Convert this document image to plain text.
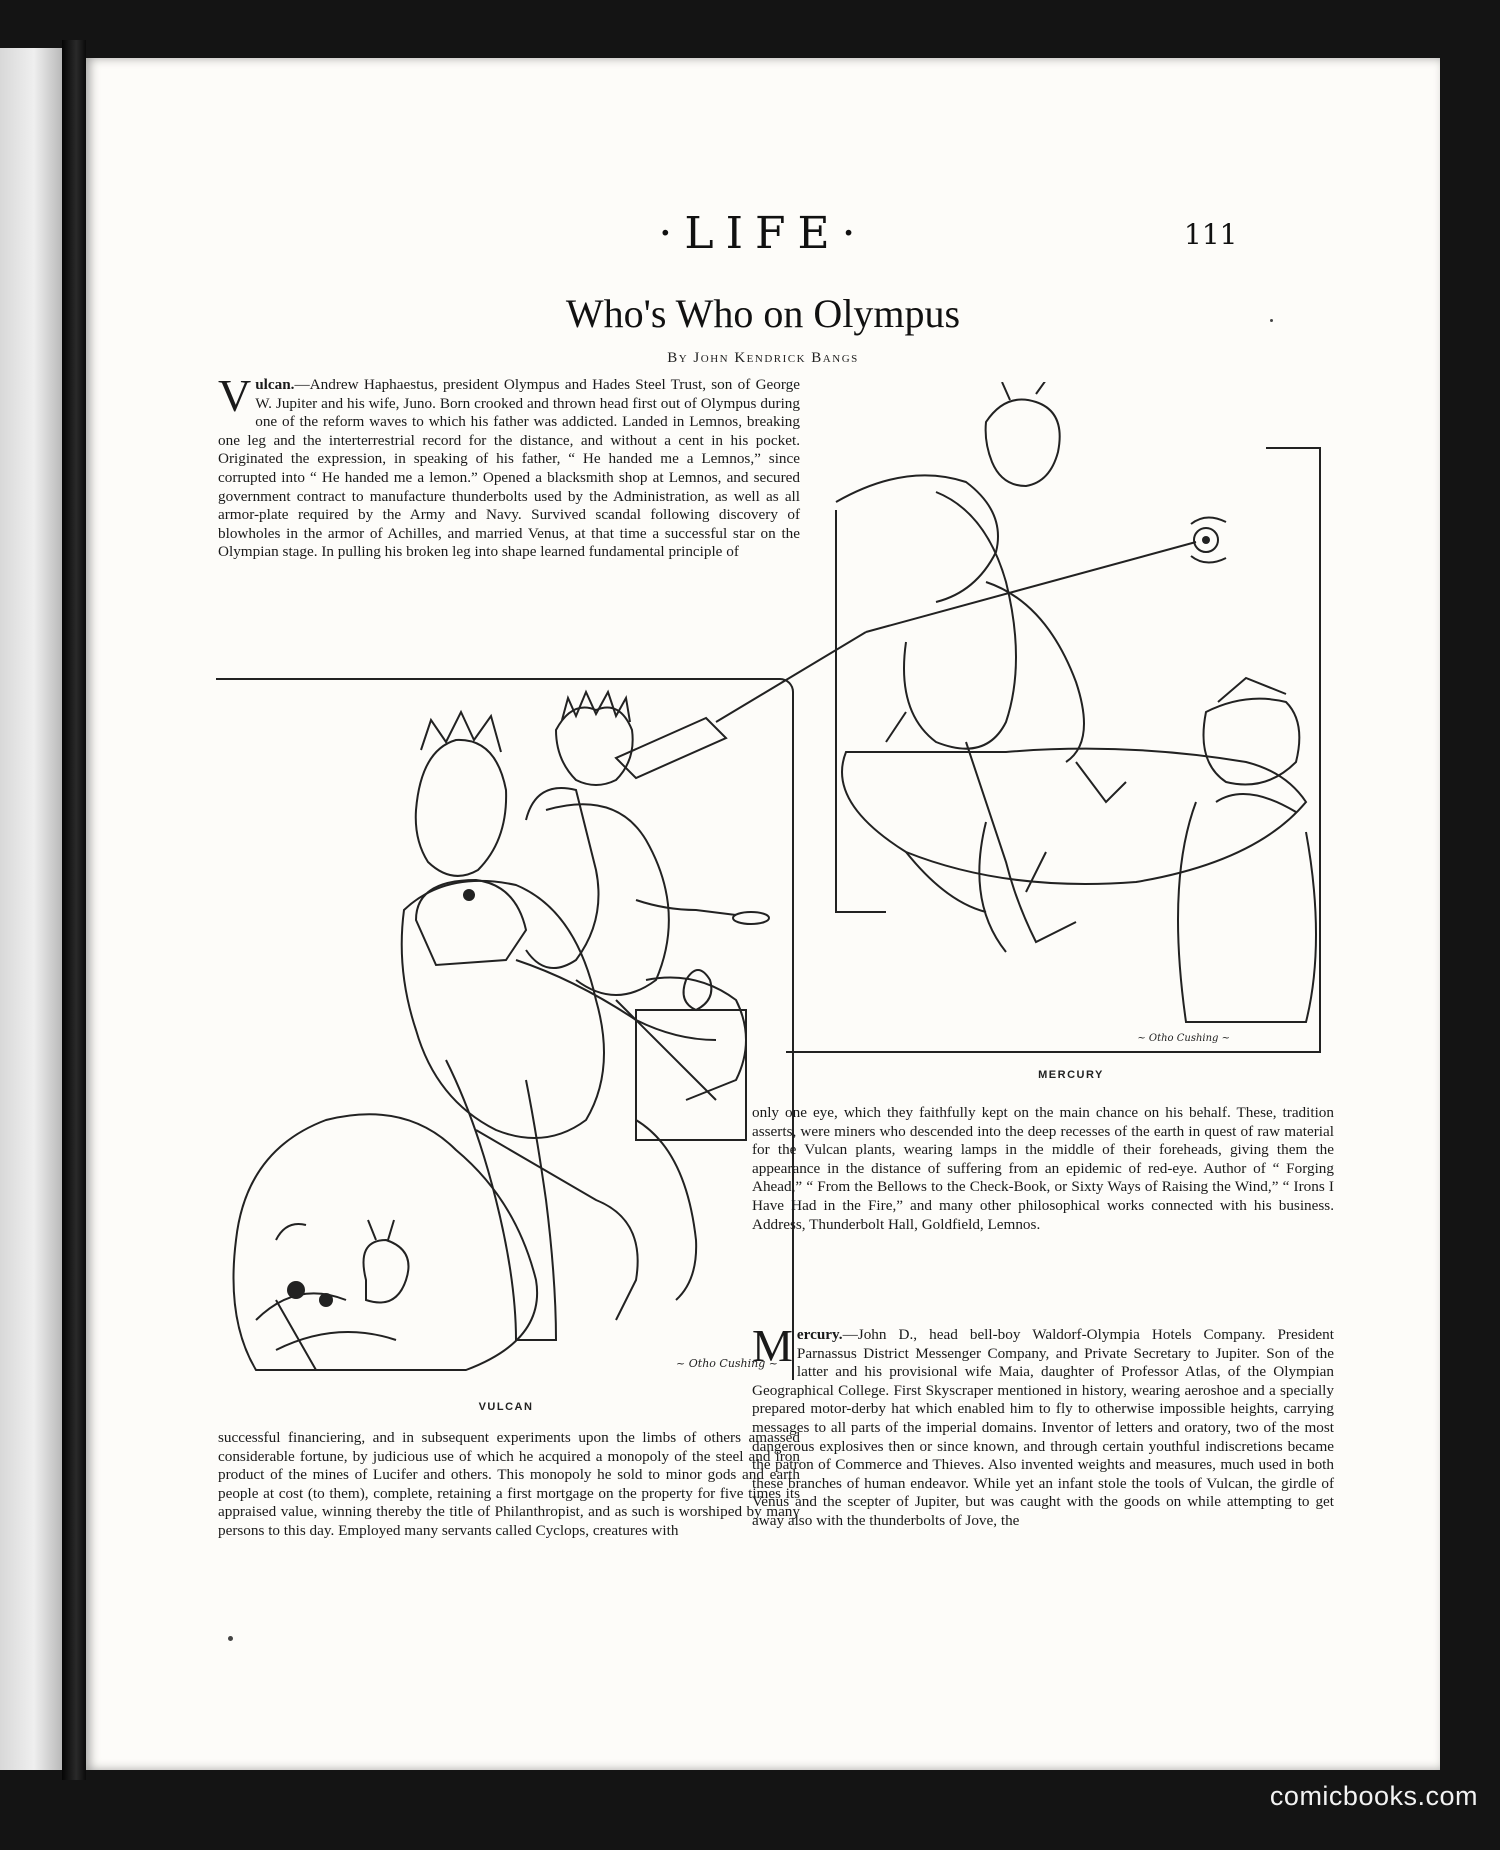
·LIFE·	111
Who's Who on Olympus
By John Kendrick Bangs

Vulcan.—Andrew Haphaestus, president Olympus and Hades Steel Trust, son of George W. Jupiter and his wife, Juno. Born crooked and thrown head first out of Olympus during one of the reform waves to which his father was addicted. Landed in Lemnos, breaking one leg and the interterrestrial record for the distance, and without a cent in his pocket. Originated the expression, in speaking of his father, “ He handed me a Lemnos,” since corrupted into “ He handed me a lemon.” Opened a blacksmith shop at Lemnos, and secured government contract to manufacture thunderbolts used by the Administration, as well as all armor-plate required by the Army and Navy. Survived scandal following discovery of blowholes in the armor of Achilles, and married Venus, at that time a successful star on the Olympian stage. In pulling his broken leg into shape learned fundamental principle of

~ Otho Cushing ~
VULCAN

successful financiering, and in subsequent experiments upon the limbs of others amassed considerable fortune, by judicious use of which he acquired a monopoly of the steel and iron product of the mines of Lucifer and others. This monopoly he sold to minor gods and earth people at cost (to them), complete, retaining a first mortgage on the property for five times its appraised value, winning thereby the title of Philanthropist, and as such is worshiped by many persons to this day. Employed many servants called Cyclops, creatures with

~ Otho Cushing ~
MERCURY

only one eye, which they faithfully kept on the main chance on his behalf. These, tradition asserts, were miners who descended into the deep recesses of the earth in quest of raw material for the Vulcan plants, wearing lamps in the middle of their foreheads, giving them the appearance in the distance of suffering from an epidemic of red-eye. Author of “ Forging Ahead,” “ From the Bellows to the Check-Book, or Sixty Ways of Raising the Wind,” “ Irons I Have Had in the Fire,” and many other philosophical works connected with his business. Address, Thunderbolt Hall, Goldfield, Lemnos.

Mercury.—John D., head bell-boy Waldorf-Olympia Hotels Company. President Parnassus District Messenger Company, and Private Secretary to Jupiter. Son of the latter and his provisional wife Maia, daughter of Professor Atlas, of the Olympian Geographical College. First Skyscraper mentioned in history, wearing aeroshoe and a specially prepared motor-derby hat which enabled him to fly to otherwise impossible heights, carrying messages to all parts of the imperial domains. Inventor of letters and oratory, two of the most dangerous explosives then or since known, and through certain youthful indiscretions became the patron of Commerce and Thieves. Also invented weights and measures, much used in both these branches of human endeavor. While yet an infant stole the tools of Vulcan, the girdle of Venus and the scepter of Jupiter, but was caught with the goods on while attempting to get away also with the thunderbolts of Jove, the

comicbooks.com
